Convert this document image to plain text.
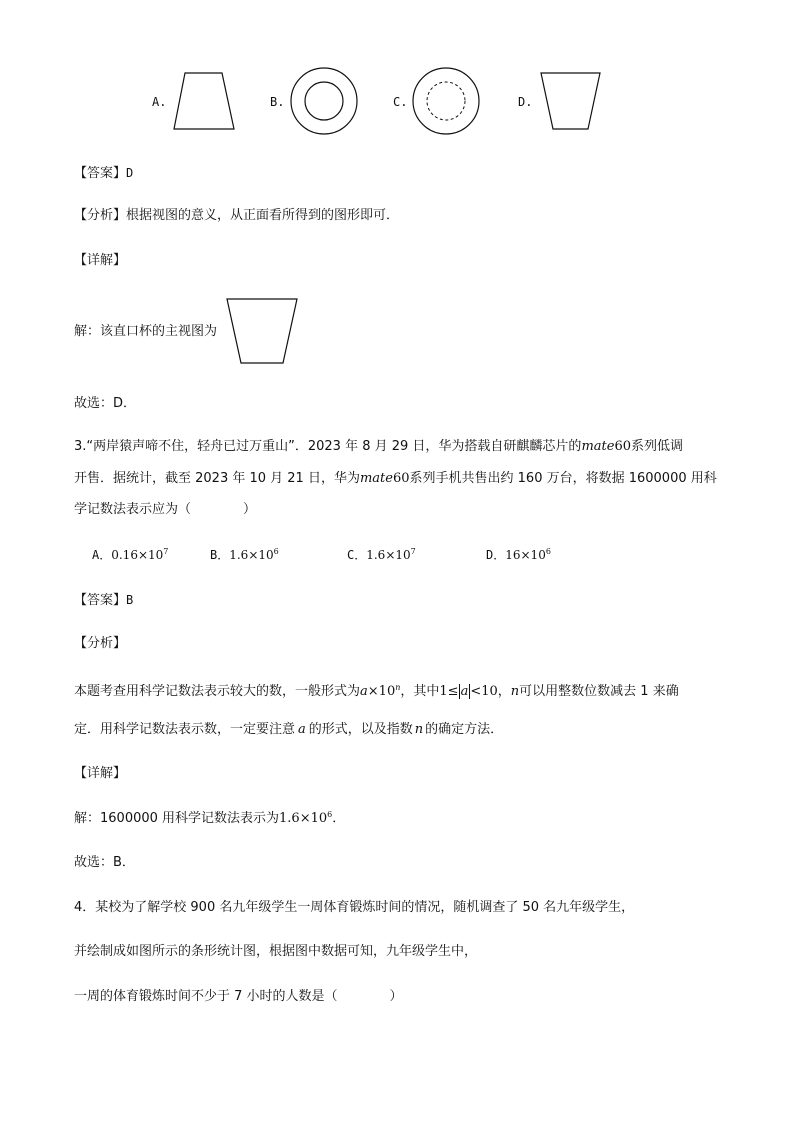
A.	B.	C.	D.
【答案】D
【分析】根据视图的意义，从正面看所得到的图形即可．
【详解】
解：该直口杯的主视图为
故选：D．
3.“两岸猿声啼不住，轻舟已过万重山”．2023 年 8 月 29 日，华为搭载自研麒麟芯片的mate60系列低调
开售．据统计，截至 2023 年 10 月 21 日，华为mate60系列手机共售出约 160 万台，将数据 1600000 用科
学记数法表示应为（　　　　）
A．$0.16\times 10^7$	B．$1.6\times 10^6$	C．$1.6\times 10^7$	D．$16\times 10^6$
【答案】B
【分析】
本题考查用科学记数法表示较大的数，一般形式为$a\times 10^n$，其中1≤ a <10，n可以用整数位数减去 1 来确
定．用科学记数法表示数，一定要注意 a 的形式，以及指数 n 的确定方法．
【详解】
解：1600000 用科学记数法表示为$1.6\times 10^6$．
故选：B．
4．某校为了解学校 900 名九年级学生一周体育锻炼时间的情况，随机调查了 50 名九年级学生，
并绘制成如图所示的条形统计图，根据图中数据可知，九年级学生中，
一周的体育锻炼时间不少于 7 小时的人数是（　　　　）
